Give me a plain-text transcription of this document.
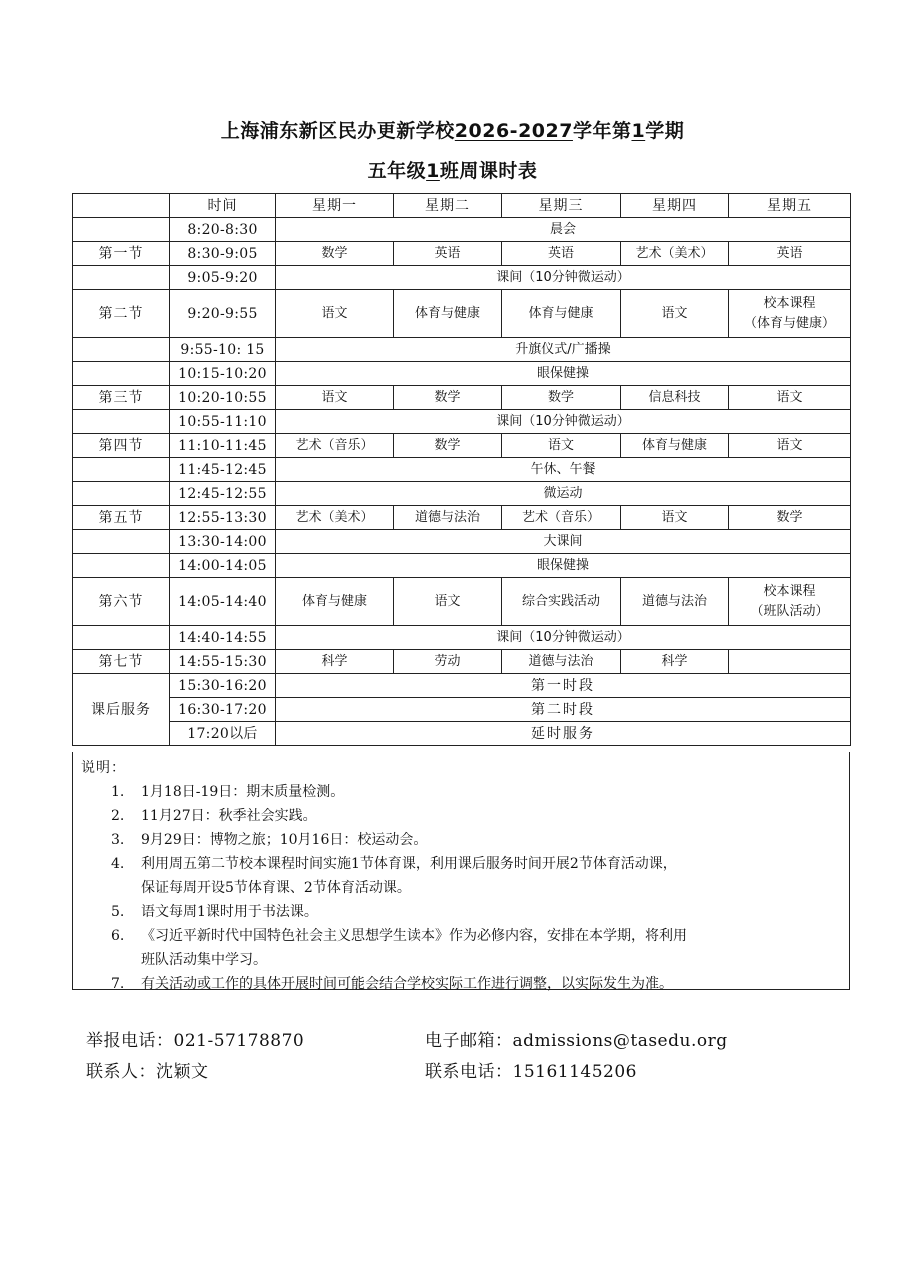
上海浦东新区民办更新学校2026-2027学年第1学期
五年级1班周课时表
	时间	星期一	星期二	星期三	星期四	星期五
	8:20-8:30	晨会				
第一节	8:30-9:05	数学	英语	英语	艺术（美术）	英语
	9:05-9:20	课间（10分钟微运动）				
第二节	9:20-9:55	语文	体育与健康	体育与健康	语文	校本课程
（体育与健康）
	9:55-10: 15	升旗仪式/广播操				
	10:15-10:20	眼保健操				
第三节	10:20-10:55	语文	数学	数学	信息科技	语文
	10:55-11:10	课间（10分钟微运动）				
第四节	11:10-11:45	艺术（音乐）	数学	语文	体育与健康	语文
	11:45-12:45	午休、午餐				
	12:45-12:55	微运动				
第五节	12:55-13:30	艺术（美术）	道德与法治	艺术（音乐）	语文	数学
	13:30-14:00	大课间				
	14:00-14:05	眼保健操				
第六节	14:05-14:40	体育与健康	语文	综合实践活动	道德与法治	校本课程
（班队活动）
	14:40-14:55	课间（10分钟微运动）				
第七节	14:55-15:30	科学	劳动	道德与法治	科学	
课后服务	15:30-16:20	第一时段				
	16:30-17:20	第二时段				
	17:20以后	延时服务				
说明：
1.	1月18日-19日：期末质量检测。
2.	11月27日：秋季社会实践。
3.	9月29日：博物之旅；10月16日：校运动会。
4.	利用周五第二节校本课程时间实施1节体育课，利用课后服务时间开展2节体育活动课，
保证每周开设5节体育课、2节体育活动课。
5.	语文每周1课时用于书法课。
6.	《习近平新时代中国特色社会主义思想学生读本》作为必修内容，安排在本学期，将利用
班队活动集中学习。
7.	有关活动或工作的具体开展时间可能会结合学校实际工作进行调整，以实际发生为准。
举报电话：021-57178870	电子邮箱：admissions@tasedu.org
联系人：沈颖文	联系电话：15161145206
